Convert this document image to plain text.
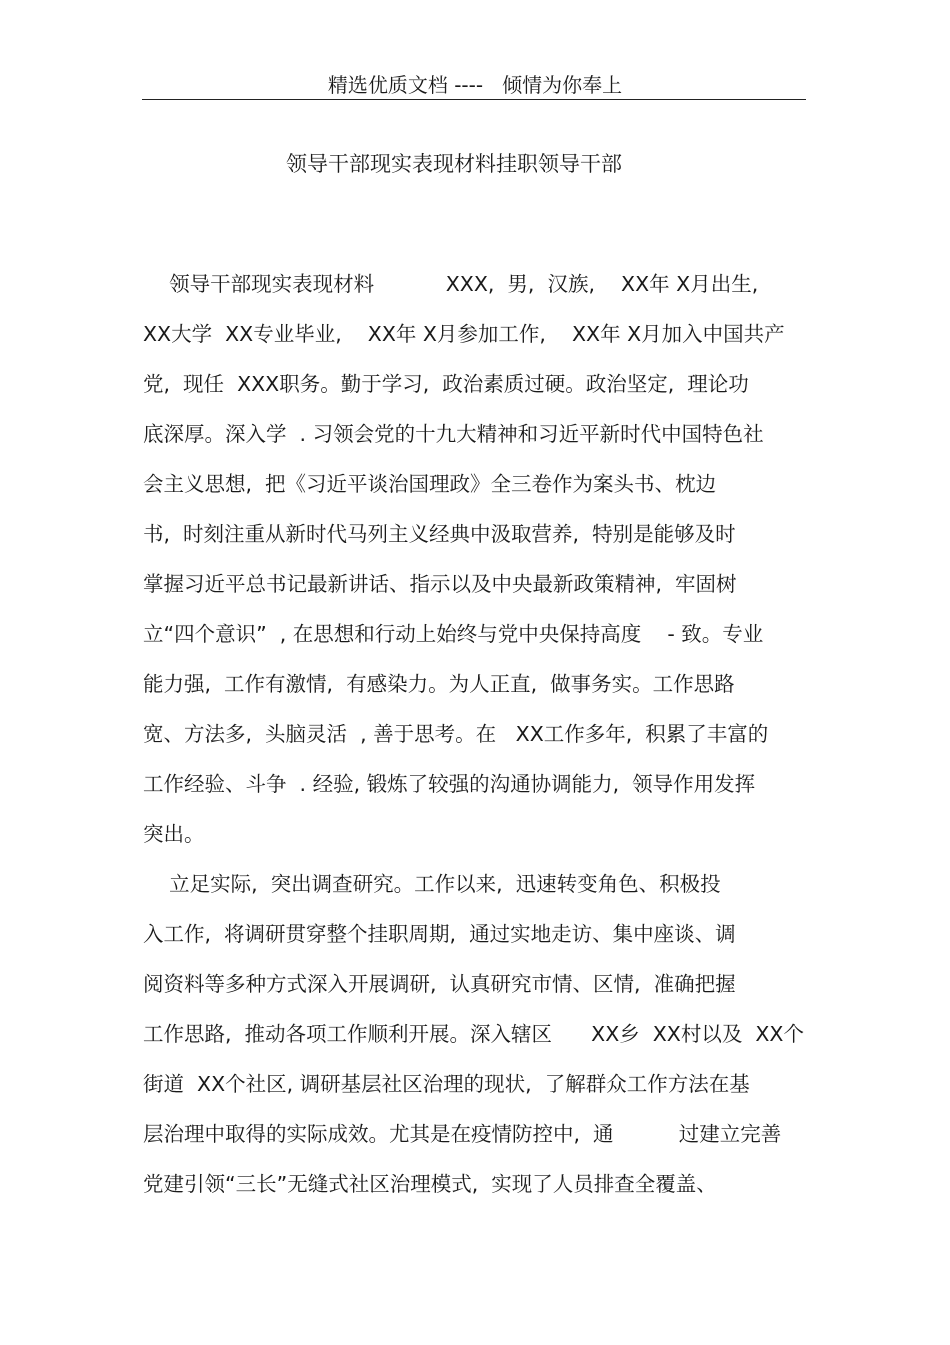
精选优质文档 ----   倾情为你奉上
领导干部现实表现材料挂职领导干部
领导干部现实表现材料           XXX,  男,  汉族,    XX年 X月出生,
XX大学  XX专业毕业,    XX年 X月参加工作,    XX年 X月加入中国共产
党,  现任  XXX职务。勤于学习,  政治素质过硬。政治坚定,  理论功
底深厚。深入学  . 习领会党的十九大精神和习近平新时代中国特色社
会主义思想,  把《习近平谈治国理政》全三卷作为案头书、枕边
书,  时刻注重从新时代马列主义经典中汲取营养,  特别是能够及时
掌握习近平总书记最新讲话、指示以及中央最新政策精神,  牢固树
立“四个意识”  , 在思想和行动上始终与党中央保持高度    - 致。专业
能力强,  工作有激情,  有感染力。为人正直,  做事务实。工作思路
宽、方法多,  头脑灵活  , 善于思考。在   XX工作多年,  积累了丰富的
工作经验、斗争  . 经验, 锻炼了较强的沟通协调能力,  领导作用发挥
突出。
立足实际,  突出调查研究。工作以来,  迅速转变角色、积极投
入工作,  将调研贯穿整个挂职周期,  通过实地走访、集中座谈、调
阅资料等多种方式深入开展调研,  认真研究市情、区情,  准确把握
工作思路,  推动各项工作顺利开展。深入辖区      XX乡  XX村以及  XX个
街道  XX个社区, 调研基层社区治理的现状,  了解群众工作方法在基
层治理中取得的实际成效。尤其是在疫情防控中,  通          过建立完善
党建引领“三长”无缝式社区治理模式,  实现了人员排查全覆盖、
